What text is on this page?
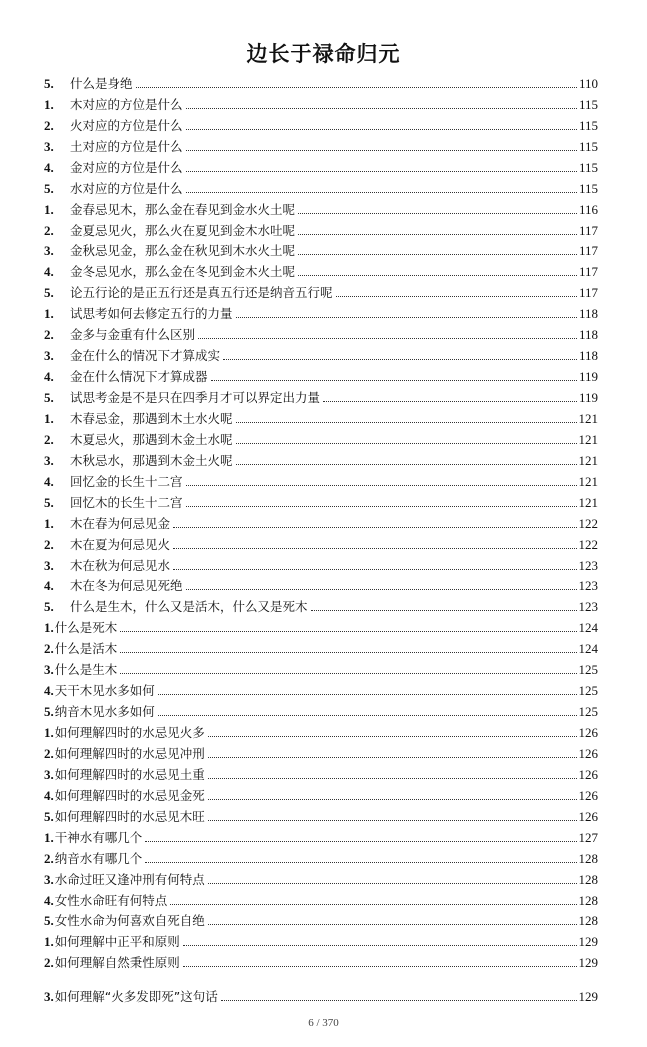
边长于禄命归元
5.	什么是身绝	110
1.	木对应的方位是什么	115
2.	火对应的方位是什么	115
3.	土对应的方位是什么	115
4.	金对应的方位是什么	115
5.	水对应的方位是什么	115
1.	金春忌见木，那么金在春见到金水火土呢	116
2.	金夏忌见火，那么火在夏见到金木水吐呢	117
3.	金秋忌见金，那么金在秋见到木水火土呢	117
4.	金冬忌见水，那么金在冬见到金木火土呢	117
5.	论五行论的是正五行还是真五行还是纳音五行呢	117
1.	试思考如何去修定五行的力量	118
2.	金多与金重有什么区别	118
3.	金在什么的情况下才算成实	118
4.	金在什么情况下才算成器	119
5.	试思考金是不是只在四季月才可以界定出力量	119
1.	木春忌金，那遇到木土水火呢	121
2.	木夏忌火，那遇到木金土水呢	121
3.	木秋忌水，那遇到木金土火呢	121
4.	回忆金的长生十二宫	121
5.	回忆木的长生十二宫	121
1.	木在春为何忌见金	122
2.	木在夏为何忌见火	122
3.	木在秋为何忌见水	123
4.	木在冬为何忌见死绝	123
5.	什么是生木，什么又是活木，什么又是死木	123
1. 什么是死木	124
2. 什么是活木	124
3. 什么是生木	125
4. 天干木见水多如何	125
5. 纳音木见水多如何	125
1. 如何理解四时的水忌见火多	126
2. 如何理解四时的水忌见冲刑	126
3. 如何理解四时的水忌见土重	126
4. 如何理解四时的水忌见金死	126
5. 如何理解四时的水忌见木旺	126
1. 干神水有哪几个	127
2. 纳音水有哪几个	128
3. 水命过旺又逢冲刑有何特点	128
4. 女性水命旺有何特点	128
5. 女性水命为何喜欢自死自绝	128
1. 如何理解中正平和原则	129
2. 如何理解自然秉性原则	129
3. 如何理解“火多发即死”这句话	129
6 / 370
